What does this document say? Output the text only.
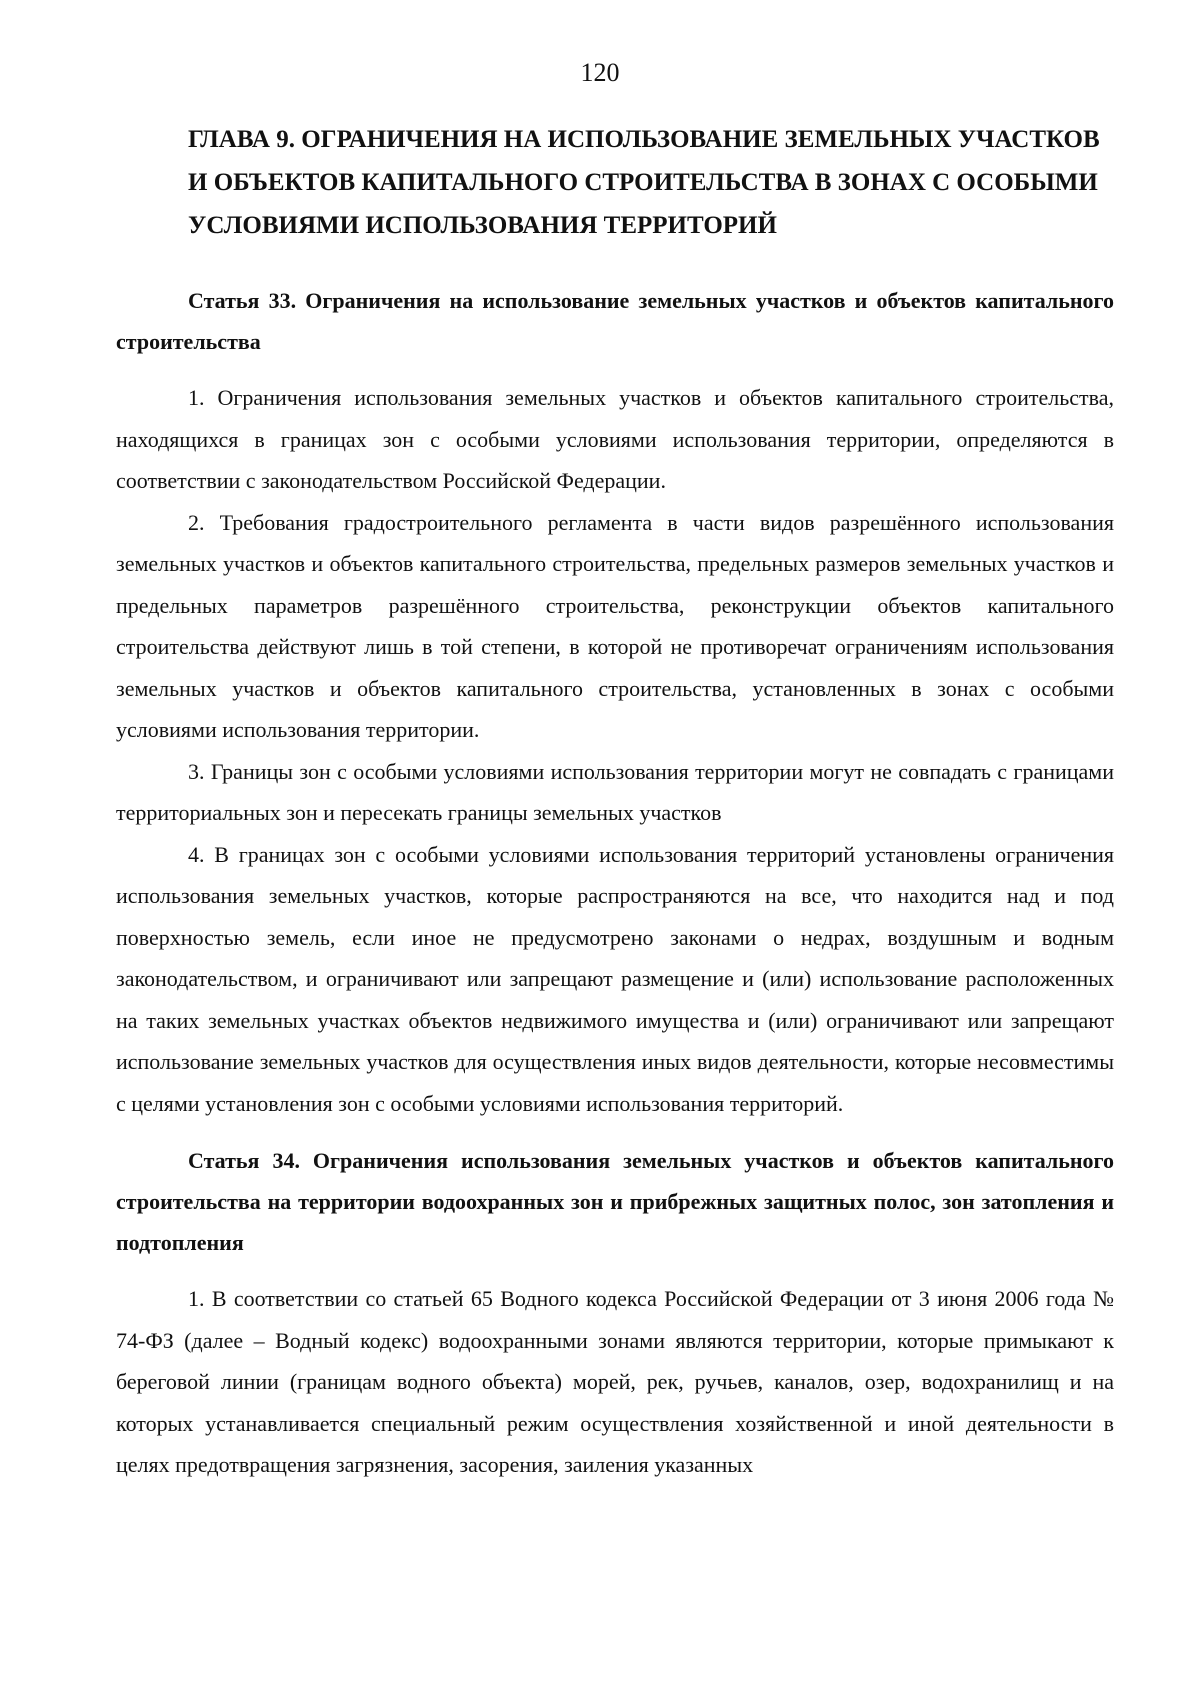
120
ГЛАВА 9. ОГРАНИЧЕНИЯ НА ИСПОЛЬЗОВАНИЕ ЗЕМЕЛЬНЫХ УЧАСТКОВ И ОБЪЕКТОВ КАПИТАЛЬНОГО СТРОИТЕЛЬСТВА В ЗОНАХ С ОСОБЫМИ УСЛОВИЯМИ ИСПОЛЬЗОВАНИЯ ТЕРРИТОРИЙ
Статья 33. Ограничения на использование земельных участков и объектов капитального строительства

1. Ограничения использования земельных участков и объектов капитального строительства, находящихся в границах зон с особыми условиями использования территории, определяются в соответствии с законодательством Российской Федерации.

2. Требования градостроительного регламента в части видов разрешённого использования земельных участков и объектов капитального строительства, предельных размеров земельных участков и предельных параметров разрешённого строительства, реконструкции объектов капитального строительства действуют лишь в той степени, в которой не противоречат ограничениям использования земельных участков и объектов капитального строительства, установленных в зонах с особыми условиями использования территории.

3. Границы зон с особыми условиями использования территории могут не совпадать с границами территориальных зон и пересекать границы земельных участков

4. В границах зон с особыми условиями использования территорий установлены ограничения использования земельных участков, которые распространяются на все, что находится над и под поверхностью земель, если иное не предусмотрено законами о недрах, воздушным и водным законодательством, и ограничивают или запрещают размещение и (или) использование расположенных на таких земельных участках объектов недвижимого имущества и (или) ограничивают или запрещают использование земельных участков для осуществления иных видов деятельности, которые несовместимы с целями установления зон с особыми условиями использования территорий.

Статья 34. Ограничения использования земельных участков и объектов капитального строительства на территории водоохранных зон и прибрежных защитных полос, зон затопления и подтопления

1. В соответствии со статьей 65 Водного кодекса Российской Федерации от 3 июня 2006 года № 74-ФЗ (далее – Водный кодекс) водоохранными зонами являются территории, которые примыкают к береговой линии (границам водного объекта) морей, рек, ручьев, каналов, озер, водохранилищ и на которых устанавливается специальный режим осуществления хозяйственной и иной деятельности в целях предотвращения загрязнения, засорения, заиления указанных
